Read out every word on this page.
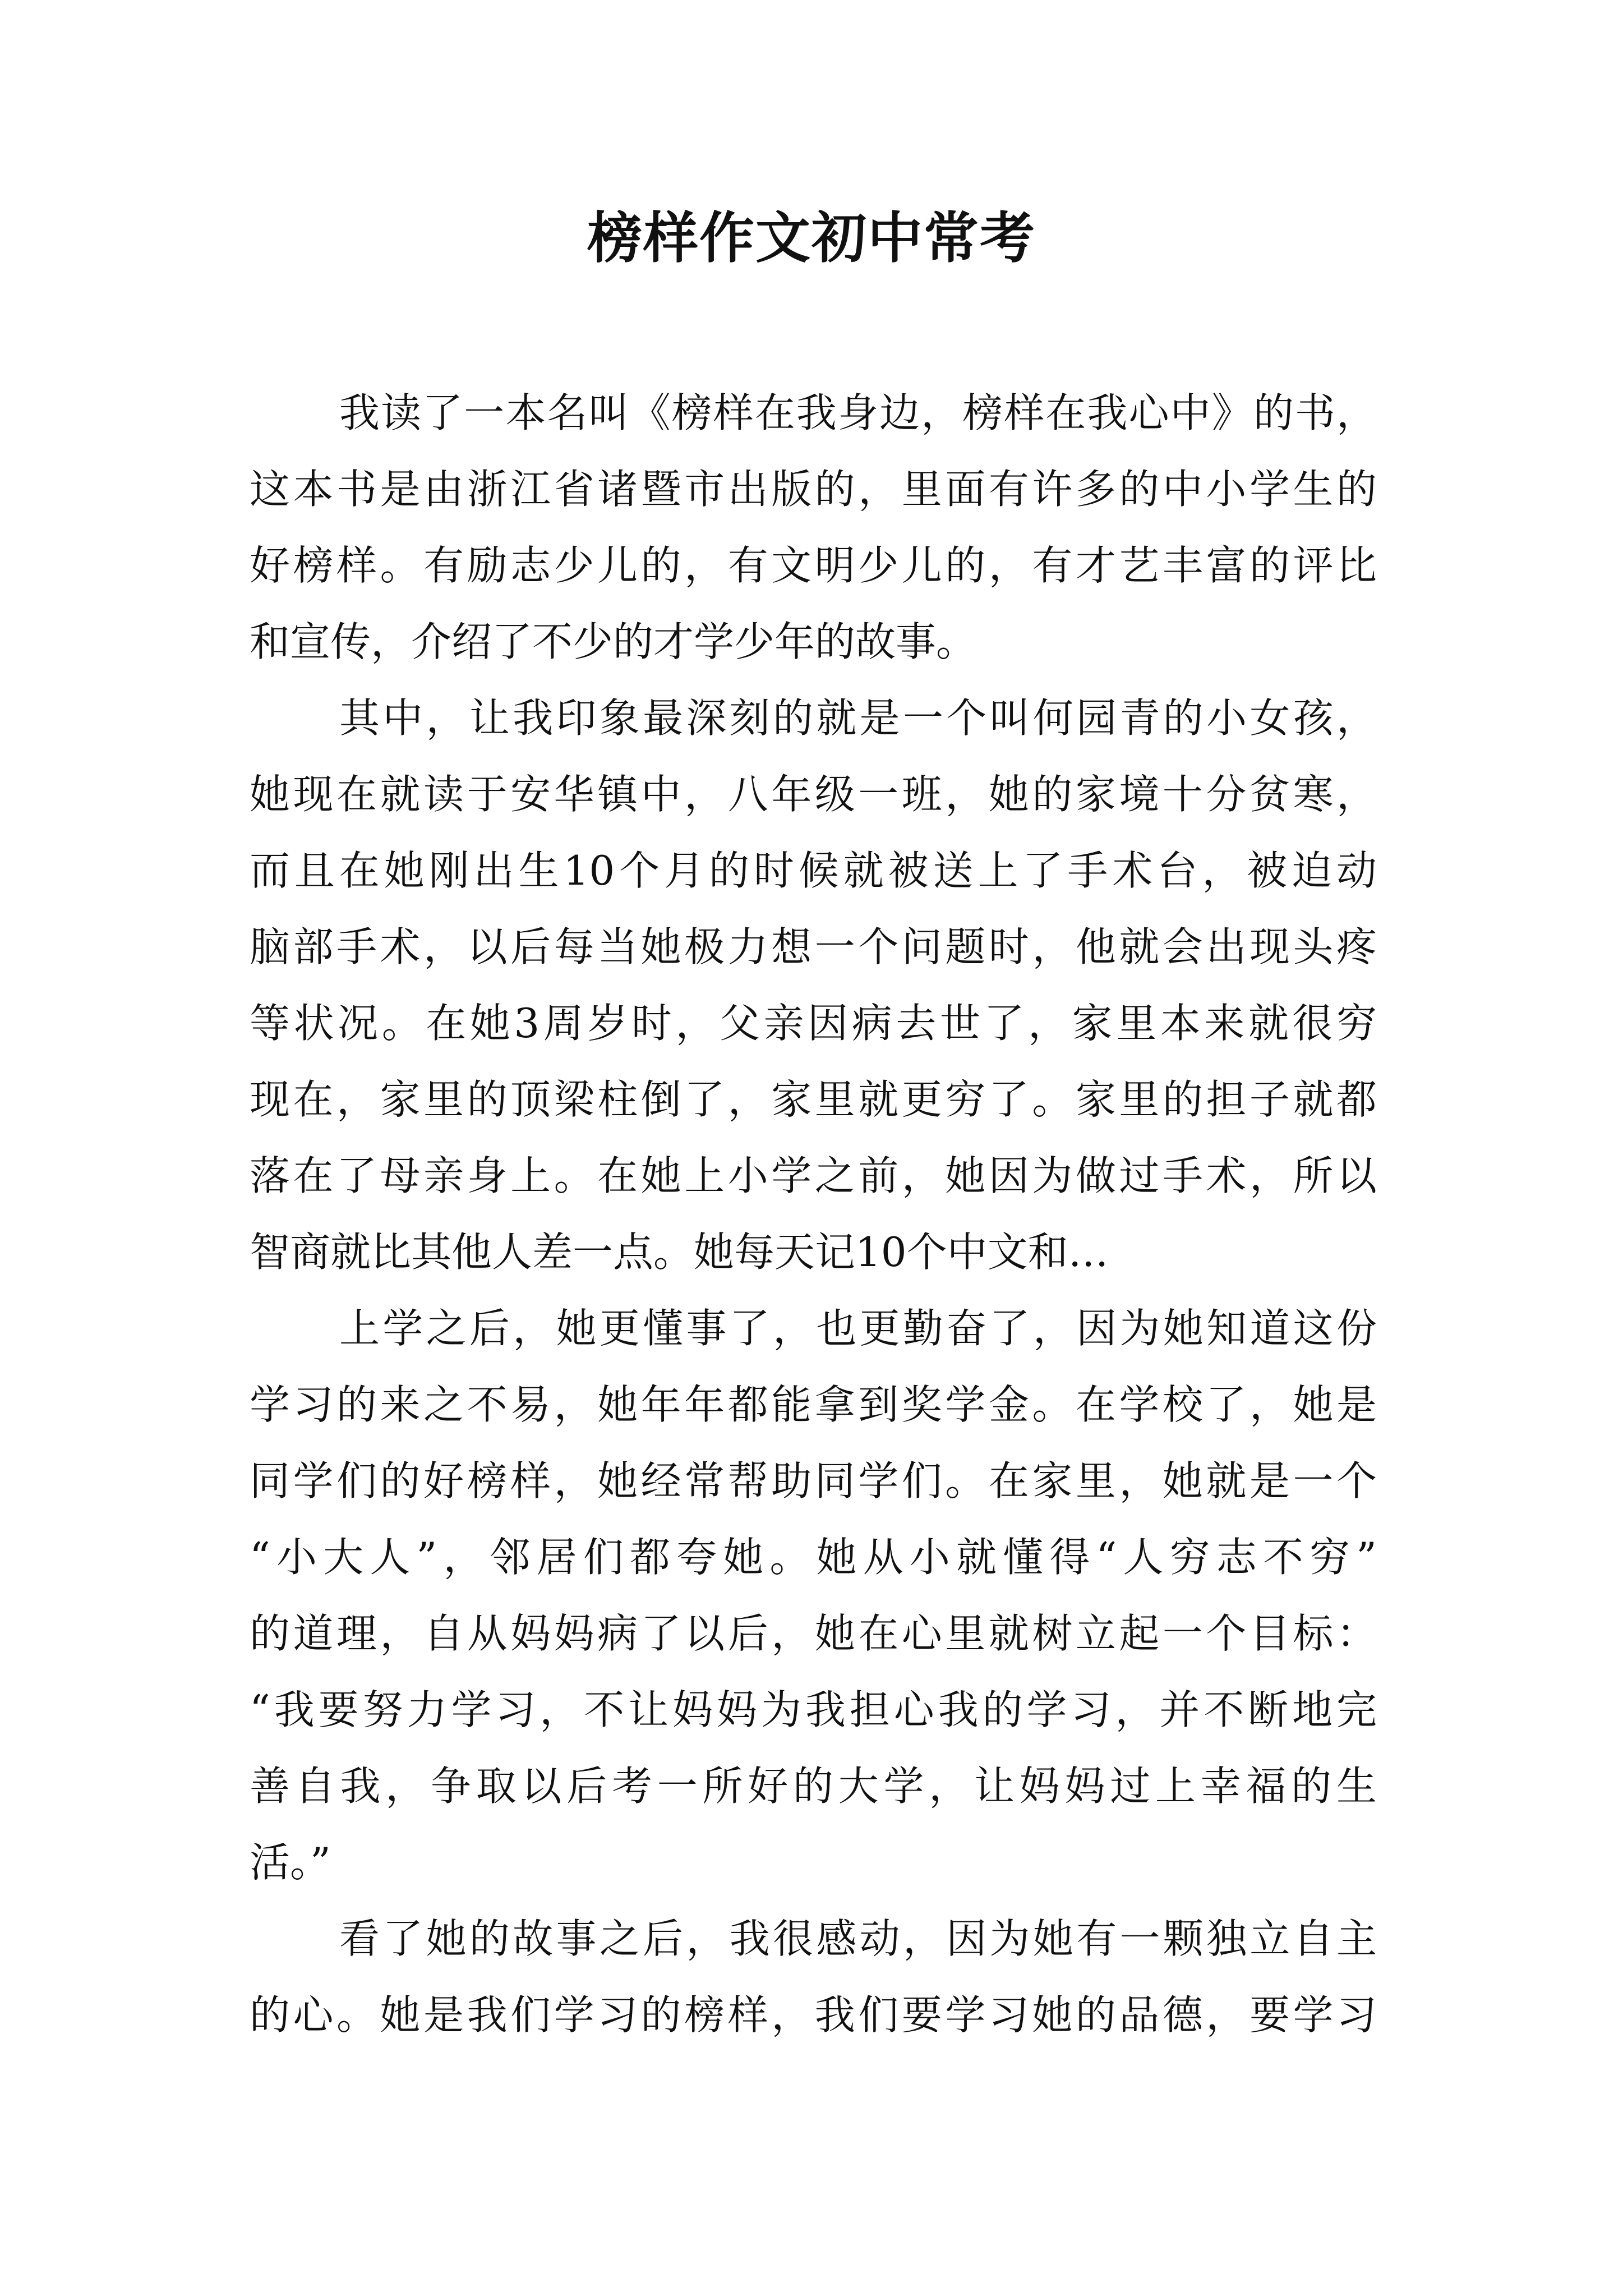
榜样作文初中常考
我读了一本名叫《榜样在我身边，榜样在我心中》的书，
这本书是由浙江省诸暨市出版的，里面有许多的中小学生的
好榜样。有励志少儿的，有文明少儿的，有才艺丰富的评比
和宣传，介绍了不少的才学少年的故事。
其中，让我印象最深刻的就是一个叫何园青的小女孩，
她现在就读于安华镇中，八年级一班，她的家境十分贫寒，
而且在她刚出生10个月的时候就被送上了手术台，被迫动
脑部手术，以后每当她极力想一个问题时，他就会出现头疼
等状况。在她3周岁时，父亲因病去世了，家里本来就很穷
现在，家里的顶梁柱倒了，家里就更穷了。家里的担子就都
落在了母亲身上。在她上小学之前，她因为做过手术，所以
智商就比其他人差一点。她每天记10个中文和…
上学之后，她更懂事了，也更勤奋了，因为她知道这份
学习的来之不易，她年年都能拿到奖学金。在学校了，她是
同学们的好榜样，她经常帮助同学们。在家里，她就是一个
“小大人”，邻居们都夸她。她从小就懂得“人穷志不穷”
的道理，自从妈妈病了以后，她在心里就树立起一个目标：
“我要努力学习，不让妈妈为我担心我的学习，并不断地完
善自我，争取以后考一所好的大学，让妈妈过上幸福的生
活。”
看了她的故事之后，我很感动，因为她有一颗独立自主
的心。她是我们学习的榜样，我们要学习她的品德，要学习
